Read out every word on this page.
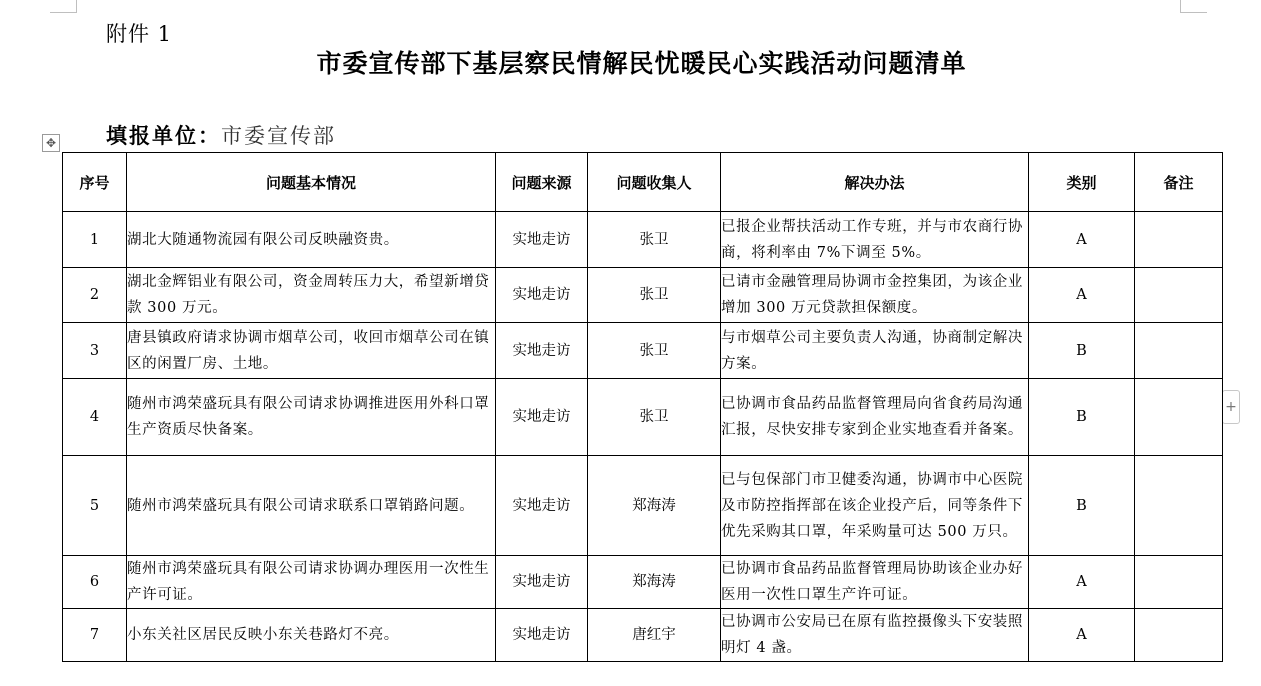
附件 1
市委宣传部下基层察民情解民忧暖民心实践活动问题清单
填报单位：市委宣传部
✥
+
序号	问题基本情况	问题来源	问题收集人	解决办法	类别	备注
1	湖北大随通物流园有限公司反映融资贵。	实地走访	张卫	已报企业帮扶活动工作专班，并与市农商行协商，将利率由 7%下调至 5%。	A	
2	湖北金辉铝业有限公司，资金周转压力大，希望新增贷款 300 万元。	实地走访	张卫	已请市金融管理局协调市金控集团，为该企业增加 300 万元贷款担保额度。	A	
3	唐县镇政府请求协调市烟草公司，收回市烟草公司在镇区的闲置厂房、土地。	实地走访	张卫	与市烟草公司主要负责人沟通，协商制定解决方案。	B	
4	随州市鸿荣盛玩具有限公司请求协调推进医用外科口罩生产资质尽快备案。	实地走访	张卫	已协调市食品药品监督管理局向省食药局沟通汇报，尽快安排专家到企业实地查看并备案。	B	
5	随州市鸿荣盛玩具有限公司请求联系口罩销路问题。	实地走访	郑海涛	已与包保部门市卫健委沟通，协调市中心医院及市防控指挥部在该企业投产后，同等条件下优先采购其口罩，年采购量可达 500 万只。	B	
6	随州市鸿荣盛玩具有限公司请求协调办理医用一次性生产许可证。	实地走访	郑海涛	已协调市食品药品监督管理局协助该企业办好医用一次性口罩生产许可证。	A	
7	小东关社区居民反映小东关巷路灯不亮。	实地走访	唐红宇	已协调市公安局已在原有监控摄像头下安装照明灯 4 盏。	A	
